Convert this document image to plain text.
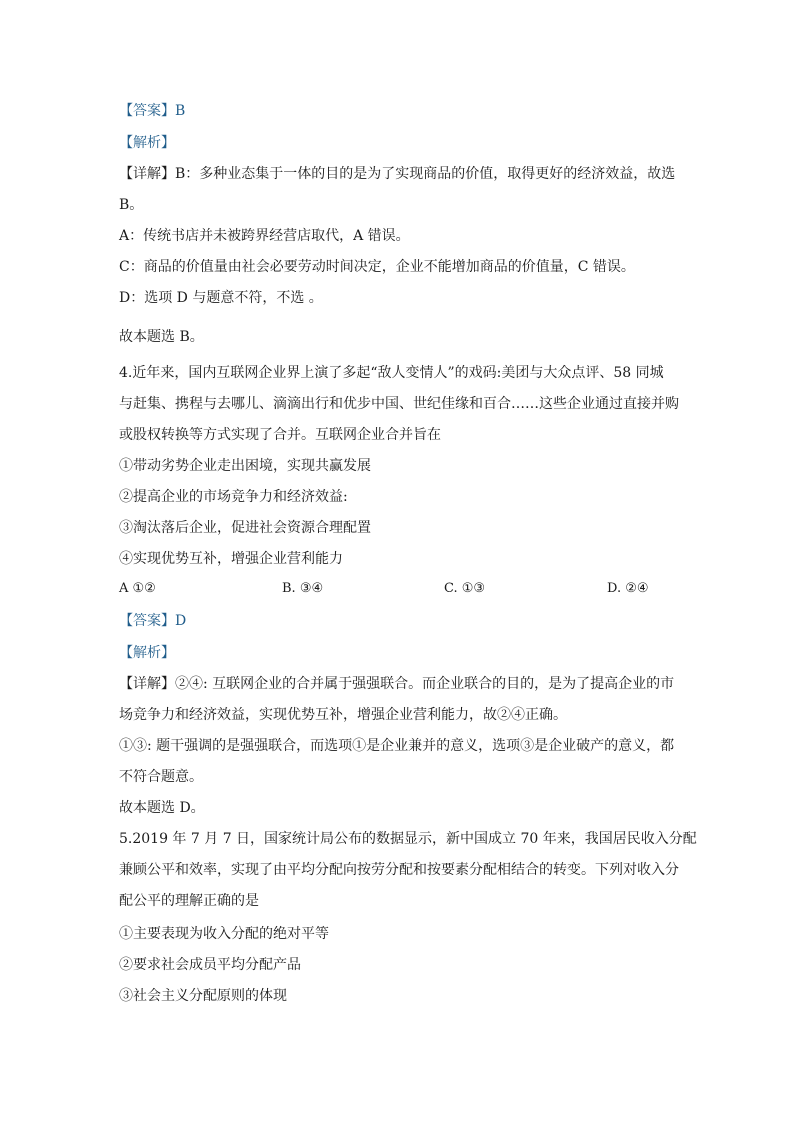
【答案】B
【解析】
【详解】B：多种业态集于一体的目的是为了实现商品的价值，取得更好的经济效益，故选
B。
A：传统书店并未被跨界经营店取代，A 错误。
C：商品的价值量由社会必要劳动时间决定，企业不能增加商品的价值量，C 错误。
D：选项 D 与题意不符，不选 。
故本题选 B。
4.近年来，国内互联网企业界上演了多起“敌人变情人”的戏码:美团与大众点评、58 同城
与赶集、携程与去哪儿、滴滴出行和优步中国、世纪佳缘和百合……这些企业通过直接并购
或股权转换等方式实现了合并。互联网企业合并旨在
①带动劣势企业走出困境，实现共赢发展
②提高企业的市场竞争力和经济效益:
③淘汰落后企业，促进社会资源合理配置
④实现优势互补，增强企业营利能力
A ①②	B. ③④	C. ①③	D. ②④
【答案】D
【解析】
【详解】②④: 互联网企业的合并属于强强联合。而企业联合的目的，是为了提高企业的市
场竞争力和经济效益，实现优势互补，增强企业营利能力，故②④正确。
①③: 题干强调的是强强联合，而选项①是企业兼并的意义，选项③是企业破产的意义，都
不符合题意。
故本题选 D。
5.2019 年 7 月 7 日，国家统计局公布的数据显示，新中国成立 70 年来，我国居民收入分配
兼顾公平和效率，实现了由平均分配向按劳分配和按要素分配相结合的转变。下列对收入分
配公平的理解正确的是
①主要表现为收入分配的绝对平等
②要求社会成员平均分配产品
③社会主义分配原则的体现
